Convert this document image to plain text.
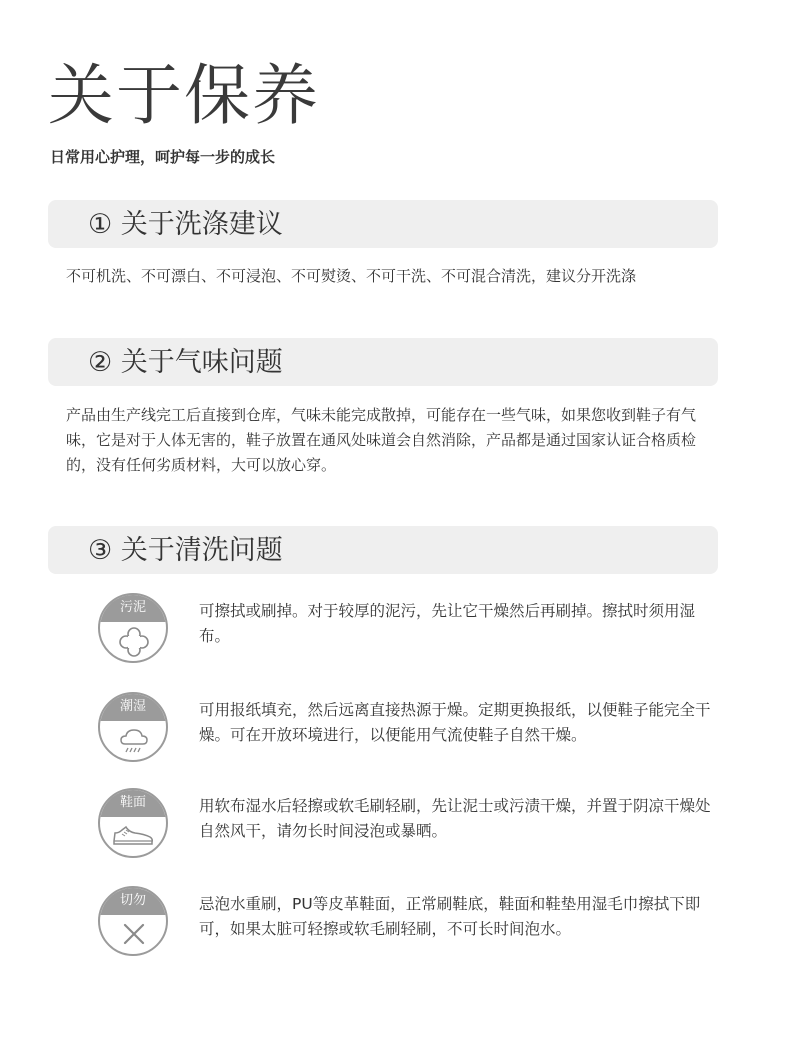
关于保养

日常用心护理，呵护每一步的成长

① 关于洗涤建议

不可机洗、不可漂白、不可浸泡、不可熨烫、不可干洗、不可混合清洗，建议分开洗涤

② 关于气味问题

产品由生产线完工后直接到仓库，气味未能完成散掉，可能存在一些气味，如果您收到鞋子有气味，它是对于人体无害的，鞋子放置在通风处味道会自然消除，产品都是通过国家认证合格质检的，没有任何劣质材料，大可以放心穿。

③ 关于清洗问题
污泥	可擦拭或刷掉。对于较厚的泥污，先让它干燥然后再刷掉。擦拭时须用湿布。

潮湿	可用报纸填充，然后远离直接热源于燥。定期更换报纸，以便鞋子能完全干燥。可在开放环境进行，以便能用气流使鞋子自然干燥。

鞋面	用软布湿水后轻擦或软毛刷轻刷，先让泥士或污渍干燥，并置于阴凉干燥处自然风干，请勿长时间浸泡或暴晒。

切勿	忌泡水重刷，PU等皮革鞋面，正常刷鞋底，鞋面和鞋垫用湿毛巾擦拭下即可，如果太脏可轻擦或软毛刷轻刷，不可长时间泡水。
